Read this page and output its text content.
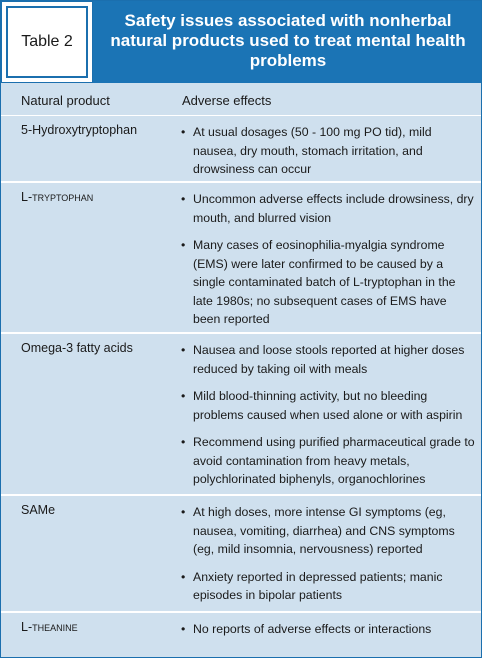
Table 2
Safety issues associated with nonherbal natural products used to treat mental health problems
Natural product	Adverse effects
5-Hydroxytryptophan	• At usual dosages (50 - 100 mg PO tid), mild nausea, dry mouth, stomach irritation, and drowsiness can occur
L-tryptophan	• Uncommon adverse effects include drowsiness, dry mouth, and blurred vision
• Many cases of eosinophilia-myalgia syndrome (EMS) were later confirmed to be caused by a single contaminated batch of L-tryptophan in the late 1980s; no subsequent cases of EMS have been reported
Omega-3 fatty acids	• Nausea and loose stools reported at higher doses reduced by taking oil with meals
• Mild blood-thinning activity, but no bleeding problems caused when used alone or with aspirin
• Recommend using purified pharmaceutical grade to avoid contamination from heavy metals, polychlorinated biphenyls, organochlorines
SAMe	• At high doses, more intense GI symptoms (eg, nausea, vomiting, diarrhea) and CNS symptoms (eg, mild insomnia, nervousness) reported
• Anxiety reported in depressed patients; manic episodes in bipolar patients
L-theanine	• No reports of adverse effects or interactions
